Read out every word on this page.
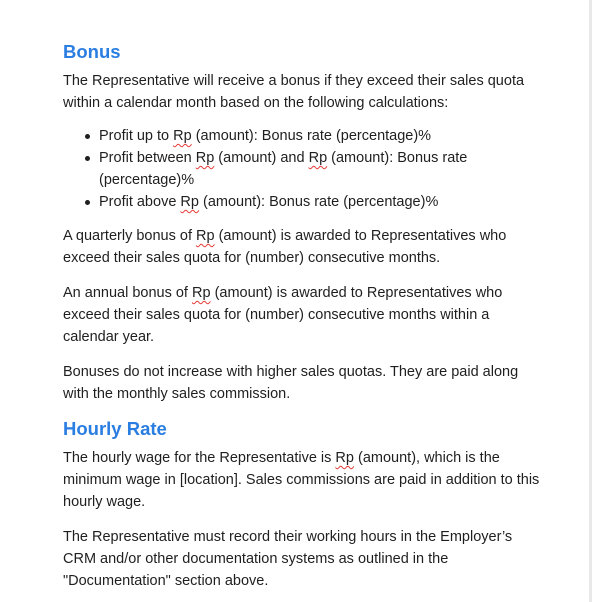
Bonus

The Representative will receive a bonus if they exceed their sales quota within a calendar month based on the following calculations:

Profit up to Rp (amount): Bonus rate (percentage)%
Profit between Rp (amount) and Rp (amount): Bonus rate (percentage)%
Profit above Rp (amount): Bonus rate (percentage)%

A quarterly bonus of Rp (amount) is awarded to Representatives who exceed their sales quota for (number) consecutive months.

An annual bonus of Rp (amount) is awarded to Representatives who exceed their sales quota for (number) consecutive months within a calendar year.

Bonuses do not increase with higher sales quotas. They are paid along with the monthly sales commission.

Hourly Rate

The hourly wage for the Representative is Rp (amount), which is the minimum wage in [location]. Sales commissions are paid in addition to this hourly wage.

The Representative must record their working hours in the Employer’s CRM and/or other documentation systems as outlined in the "Documentation" section above.
